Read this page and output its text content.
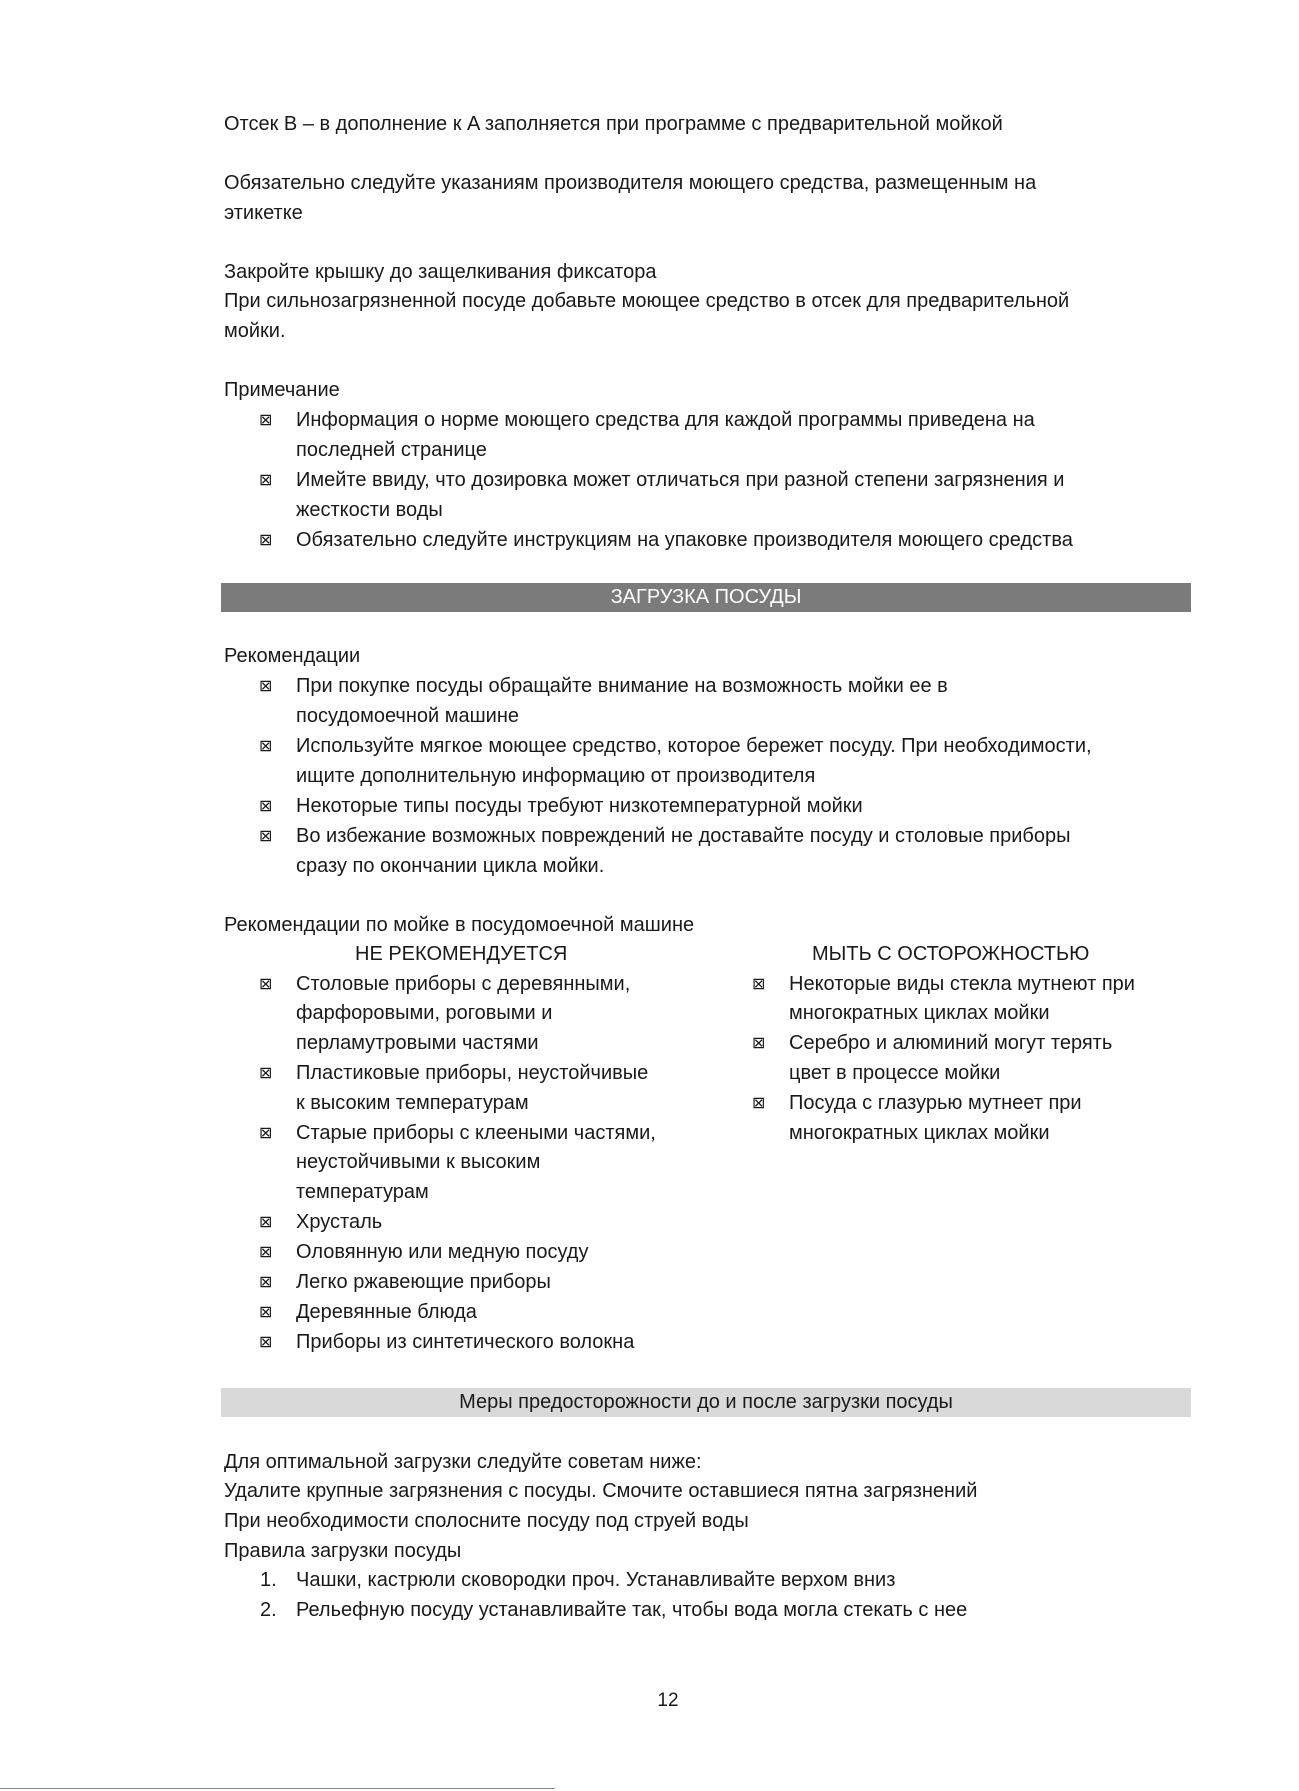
Отсек B – в дополнение к A заполняется при программе с предварительной мойкой
Обязательно следуйте указаниям производителя моющего средства, размещенным на
этикетке
Закройте крышку до защелкивания фиксатора
При сильнозагрязненной посуде добавьте моющее средство в отсек для предварительной
мойки.
Примечание
⊠ Информация о норме моющего средства для каждой программы приведена на
последней странице
⊠ Имейте ввиду, что дозировка может отличаться при разной степени загрязнения и
жесткости воды
⊠ Обязательно следуйте инструкциям на упаковке производителя моющего средства
ЗАГРУЗКА ПОСУДЫ
Рекомендации
⊠ При покупке посуды обращайте внимание на возможность мойки ее в
посудомоечной машине
⊠ Используйте мягкое моющее средство, которое бережет посуду. При необходимости,
ищите дополнительную информацию от производителя
⊠ Некоторые типы посуды требуют низкотемпературной мойки
⊠ Во избежание возможных повреждений не доставайте посуду и столовые приборы
сразу по окончании цикла мойки.
Рекомендации по мойке в посудомоечной машине
НЕ РЕКОМЕНДУЕТСЯ	МЫТЬ С ОСТОРОЖНОСТЬЮ
⊠ Столовые приборы с деревянными,
фарфоровыми, роговыми и
перламутровыми частями
⊠ Пластиковые приборы, неустойчивые
к высоким температурам
⊠ Старые приборы с клееными частями,
неустойчивыми к высоким
температурам
⊠ Хрусталь
⊠ Оловянную или медную посуду
⊠ Легко ржавеющие приборы
⊠ Деревянные блюда
⊠ Приборы из синтетического волокна
⊠ Некоторые виды стекла мутнеют при
многократных циклах мойки
⊠ Серебро и алюминий могут терять
цвет в процессе мойки
⊠ Посуда с глазурью мутнеет при
многократных циклах мойки
Меры предосторожности до и после загрузки посуды
Для оптимальной загрузки следуйте советам ниже:
Удалите крупные загрязнения с посуды. Смочите оставшиеся пятна загрязнений
При необходимости сполосните посуду под струей воды
Правила загрузки посуды
1. Чашки, кастрюли сковородки проч. Устанавливайте верхом вниз
2. Рельефную посуду устанавливайте так, чтобы вода могла стекать с нее
12
